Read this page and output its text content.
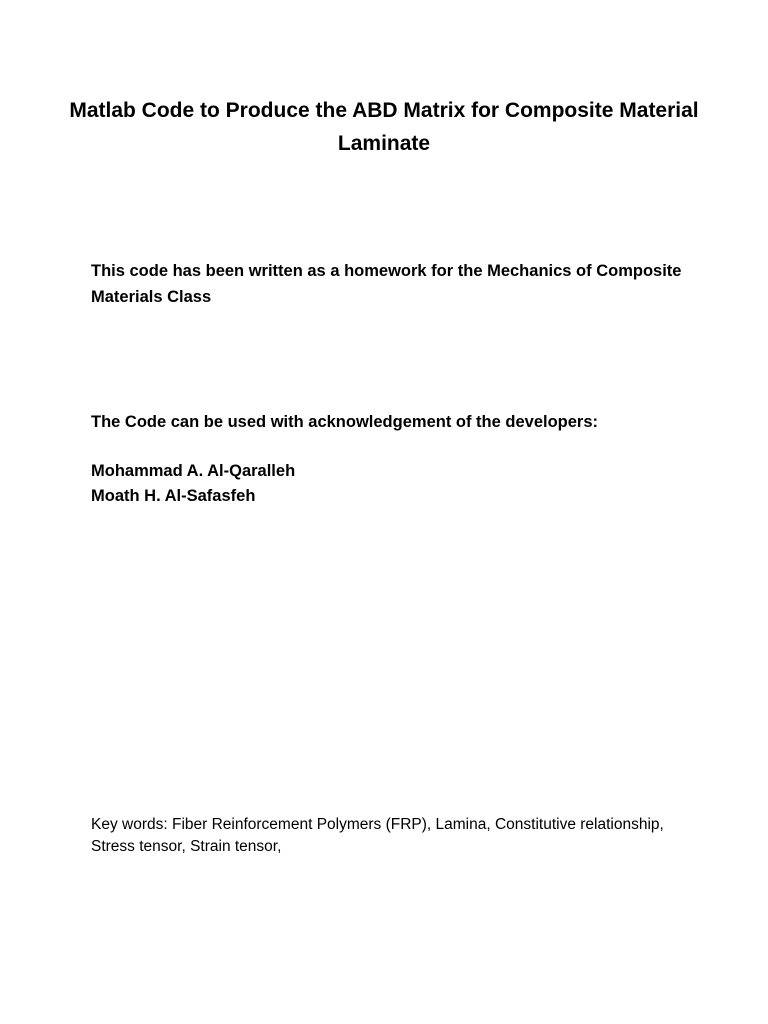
Matlab Code to Produce the ABD Matrix for Composite Material Laminate

This code has been written as a homework for the Mechanics of Composite Materials Class

The Code can be used with acknowledgement of the developers:

Mohammad A. Al-Qaralleh
Moath H. Al-Safasfeh

Key words: Fiber Reinforcement Polymers (FRP), Lamina, Constitutive relationship, Stress tensor, Strain tensor,
